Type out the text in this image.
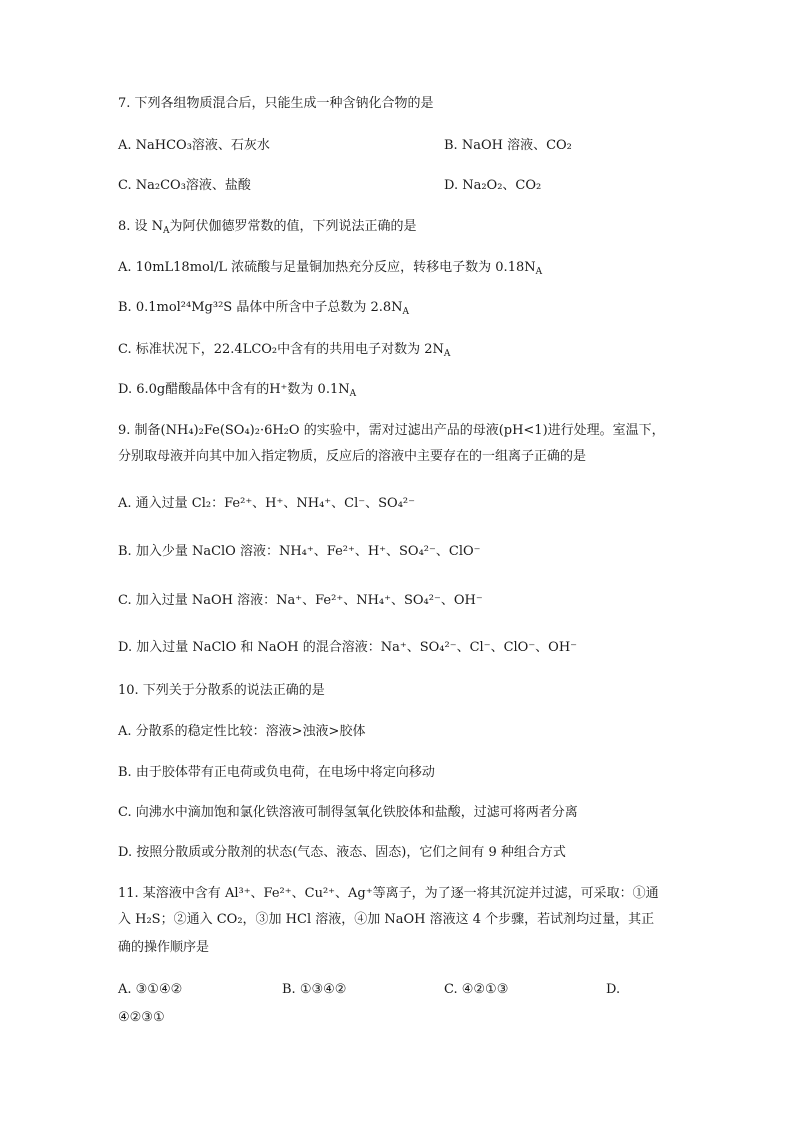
7. 下列各组物质混合后，只能生成一种含钠化合物的是
A. NaHCO₃溶液、石灰水	B. NaOH 溶液、CO₂
C. Na₂CO₃溶液、盐酸	D. Na₂O₂、CO₂
8. 设 $N_A$为阿伏伽德罗常数的值，下列说法正确的是
A. 10mL18mol/L 浓硫酸与足量铜加热充分反应，转移电子数为 $0.18N_A$
B. 0.1mol²⁴Mg³²S 晶体中所含中子总数为 $2.8N_A$
C. 标准状况下，22.4LCO₂中含有的共用电子对数为 $2N_A$
D. 6.0g醋酸晶体中含有的H⁺数为 $0.1N_A$
9. 制备(NH₄)₂Fe(SO₄)₂·6H₂O 的实验中，需对过滤出产品的母液(pH<1)进行处理。室温下，
分别取母液并向其中加入指定物质，反应后的溶液中主要存在的一组离子正确的是
A. 通入过量 Cl₂：Fe²⁺、H⁺、NH₄⁺、Cl⁻、SO₄²⁻
B. 加入少量 NaClO 溶液：NH₄⁺、Fe²⁺、H⁺、SO₄²⁻、ClO⁻
C. 加入过量 NaOH 溶液：Na⁺、Fe²⁺、NH₄⁺、SO₄²⁻、OH⁻
D. 加入过量 NaClO 和 NaOH 的混合溶液：Na⁺、SO₄²⁻、Cl⁻、ClO⁻、OH⁻
10. 下列关于分散系的说法正确的是
A. 分散系的稳定性比较：溶液>浊液>胶体
B. 由于胶体带有正电荷或负电荷，在电场中将定向移动
C. 向沸水中滴加饱和氯化铁溶液可制得氢氧化铁胶体和盐酸，过滤可将两者分离
D. 按照分散质或分散剂的状态(气态、液态、固态)，它们之间有 9 种组合方式
11. 某溶液中含有 Al³⁺、Fe²⁺、Cu²⁺、Ag⁺等离子，为了逐一将其沉淀并过滤，可采取：①通
入 H₂S；②通入 CO₂，③加 HCl 溶液，④加 NaOH 溶液这 4 个步骤，若试剂均过量，其正
确的操作顺序是
A. ③①④②	B. ①③④②	C. ④②①③	D.
④②③①
